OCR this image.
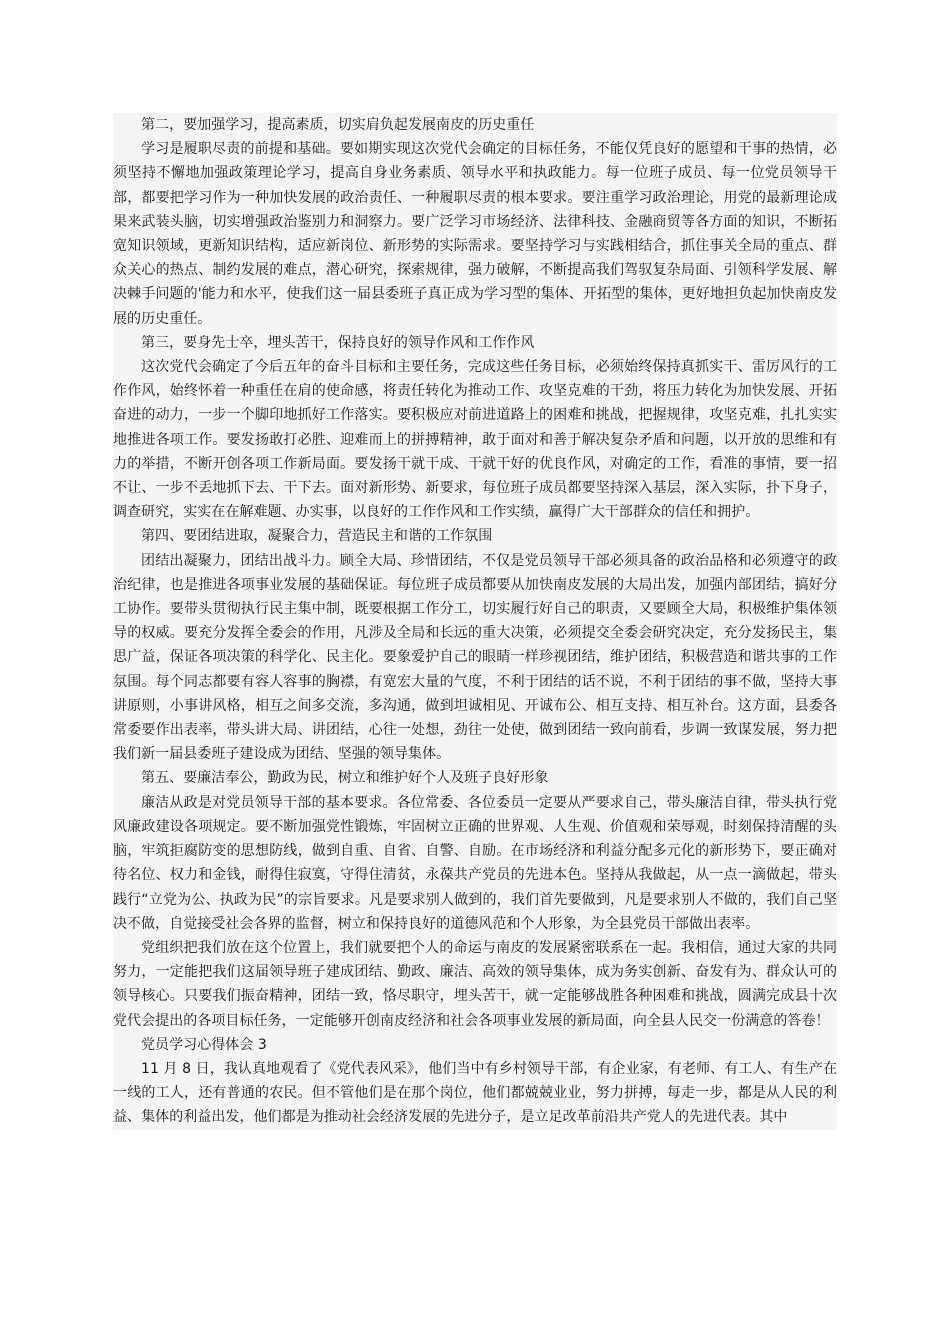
第二，要加强学习，提高素质，切实肩负起发展南皮的历史重任

学习是履职尽责的前提和基础。要如期实现这次党代会确定的目标任务，不能仅凭良好的愿望和干事的热情，必须坚持不懈地加强政策理论学习，提高自身业务素质、领导水平和执政能力。每一位班子成员、每一位党员领导干部，都要把学习作为一种加快发展的政治责任、一种履职尽责的根本要求。要注重学习政治理论，用党的最新理论成果来武装头脑，切实增强政治鉴别力和洞察力。要广泛学习市场经济、法律科技、金融商贸等各方面的知识，不断拓宽知识领域，更新知识结构，适应新岗位、新形势的实际需求。要坚持学习与实践相结合，抓住事关全局的重点、群众关心的热点、制约发展的难点，潜心研究，探索规律，强力破解，不断提高我们驾驭复杂局面、引领科学发展、解决棘手问题的'能力和水平，使我们这一届县委班子真正成为学习型的集体、开拓型的集体，更好地担负起加快南皮发展的历史重任。

第三，要身先士卒，埋头苦干，保持良好的领导作风和工作作风

这次党代会确定了今后五年的奋斗目标和主要任务，完成这些任务目标，必须始终保持真抓实干、雷厉风行的工作作风，始终怀着一种重任在肩的使命感，将责任转化为推动工作、攻坚克难的干劲，将压力转化为加快发展、开拓奋进的动力，一步一个脚印地抓好工作落实。要积极应对前进道路上的困难和挑战，把握规律，攻坚克难，扎扎实实地推进各项工作。要发扬敢打必胜、迎难而上的拼搏精神，敢于面对和善于解决复杂矛盾和问题，以开放的思维和有力的举措，不断开创各项工作新局面。要发扬干就干成、干就干好的优良作风，对确定的工作，看准的事情，要一招不让、一步不丢地抓下去、干下去。面对新形势、新要求，每位班子成员都要坚持深入基层，深入实际，扑下身子，调查研究，实实在在解难题、办实事，以良好的工作作风和工作实绩，赢得广大干部群众的信任和拥护。

第四、要团结进取，凝聚合力，营造民主和谐的工作氛围

团结出凝聚力，团结出战斗力。顾全大局、珍惜团结，不仅是党员领导干部必须具备的政治品格和必须遵守的政治纪律，也是推进各项事业发展的基础保证。每位班子成员都要从加快南皮发展的大局出发，加强内部团结，搞好分工协作。要带头贯彻执行民主集中制，既要根据工作分工，切实履行好自己的职责，又要顾全大局，积极维护集体领导的权威。要充分发挥全委会的作用，凡涉及全局和长远的重大决策，必须提交全委会研究决定，充分发扬民主，集思广益，保证各项决策的科学化、民主化。要象爱护自己的眼睛一样珍视团结，维护团结，积极营造和谐共事的工作氛围。每个同志都要有容人容事的胸襟，有宽宏大量的气度，不利于团结的话不说，不利于团结的事不做，坚持大事讲原则，小事讲风格，相互之间多交流，多沟通，做到坦诚相见、开诚布公、相互支持、相互补台。这方面，县委各常委要作出表率，带头讲大局、讲团结，心往一处想，劲往一处使，做到团结一致向前看，步调一致谋发展，努力把我们新一届县委班子建设成为团结、坚强的领导集体。

第五、要廉洁奉公，勤政为民，树立和维护好个人及班子良好形象

廉洁从政是对党员领导干部的基本要求。各位常委、各位委员一定要从严要求自己，带头廉洁自律，带头执行党风廉政建设各项规定。要不断加强党性锻炼，牢固树立正确的世界观、人生观、价值观和荣辱观，时刻保持清醒的头脑，牢筑拒腐防变的思想防线，做到自重、自省、自警、自励。在市场经济和利益分配多元化的新形势下，要正确对待名位、权力和金钱，耐得住寂寞，守得住清贫，永葆共产党员的先进本色。坚持从我做起，从一点一滴做起，带头践行“立党为公、执政为民”的宗旨要求。凡是要求别人做到的，我们首先要做到，凡是要求别人不做的，我们自己坚决不做，自觉接受社会各界的监督，树立和保持良好的道德风范和个人形象，为全县党员干部做出表率。

党组织把我们放在这个位置上，我们就要把个人的命运与南皮的发展紧密联系在一起。我相信，通过大家的共同努力，一定能把我们这届领导班子建成团结、勤政、廉洁、高效的领导集体，成为务实创新、奋发有为、群众认可的领导核心。只要我们振奋精神，团结一致，恪尽职守，埋头苦干，就一定能够战胜各种困难和挑战，圆满完成县十次党代会提出的各项目标任务，一定能够开创南皮经济和社会各项事业发展的新局面，向全县人民交一份满意的答卷！

党员学习心得体会 3

11 月 8 日，我认真地观看了《党代表风采》，他们当中有乡村领导干部，有企业家，有老师、有工人、有生产在一线的工人，还有普通的农民。但不管他们是在那个岗位，他们都兢兢业业，努力拼搏，每走一步，都是从人民的利益、集体的利益出发，他们都是为推动社会经济发展的先进分子，是立足改革前沿共产党人的先进代表。其中
